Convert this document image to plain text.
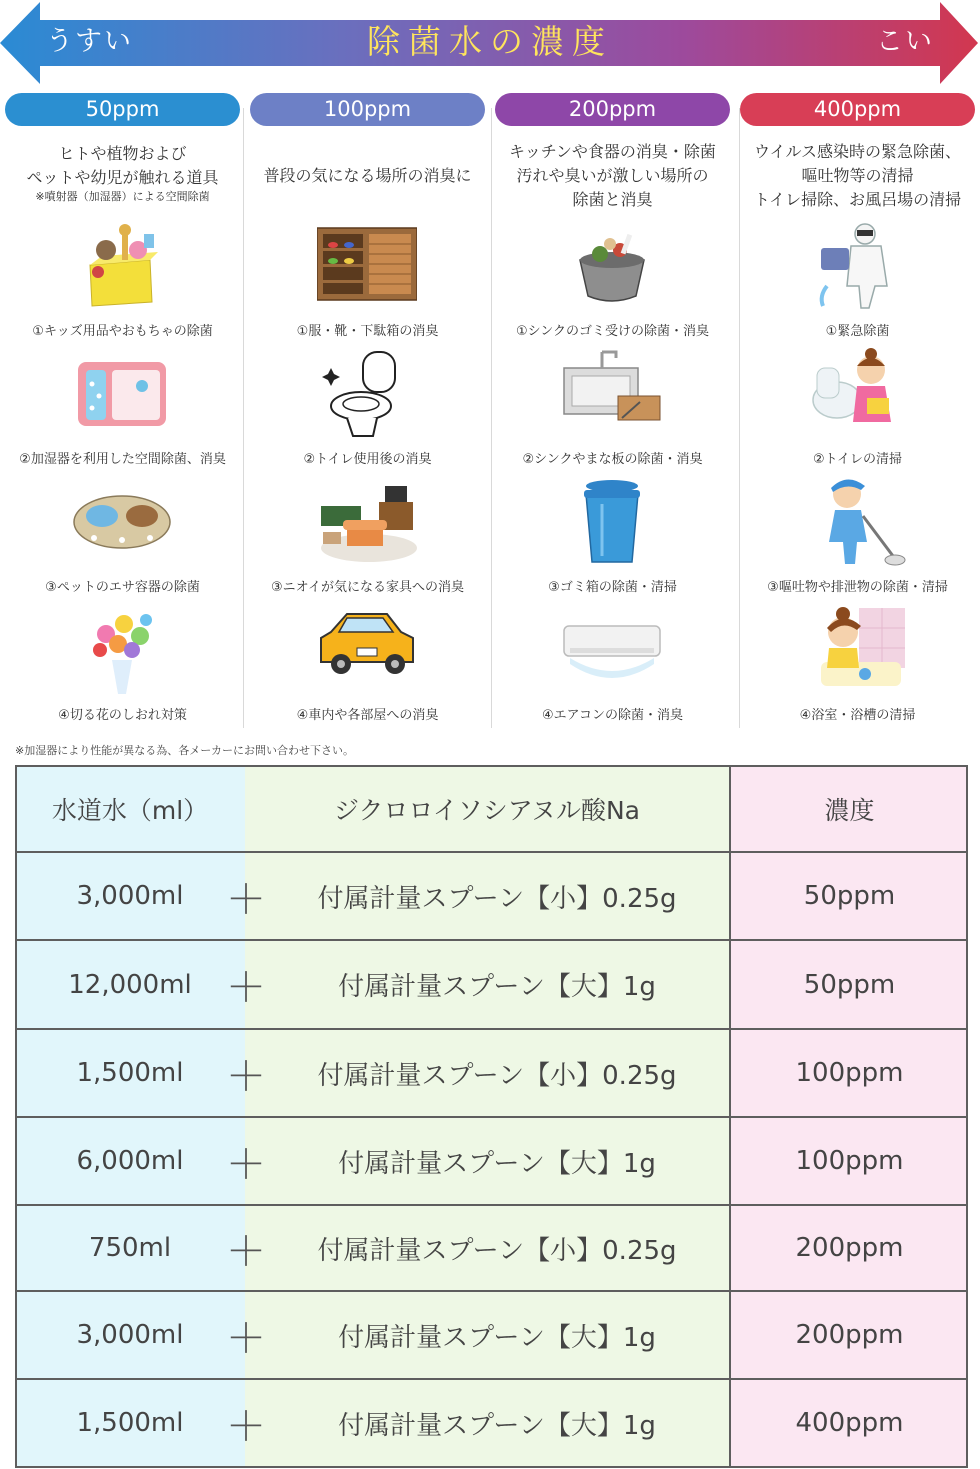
うすい	除菌水の濃度	こい
50ppm
ヒトや植物および
ペットや幼児が触れる道具
※噴射器（加湿器）による空間除菌
①キッズ用品やおもちゃの除菌
②加湿器を利用した空間除菌、消臭
③ペットのエサ容器の除菌
④切る花のしおれ対策
100ppm
普段の気になる場所の消臭に
①服・靴・下駄箱の消臭
②トイレ使用後の消臭
③ニオイが気になる家具への消臭
④車内や各部屋への消臭
200ppm
キッチンや食器の消臭・除菌
汚れや臭いが激しい場所の
除菌と消臭
①シンクのゴミ受けの除菌・消臭
②シンクやまな板の除菌・消臭
③ゴミ箱の除菌・清掃
④エアコンの除菌・消臭
400ppm
ウイルス感染時の緊急除菌、
嘔吐物等の清掃
トイレ掃除、お風呂場の清掃
①緊急除菌
②トイレの清掃
③嘔吐物や排泄物の除菌・清掃
④浴室・浴槽の清掃
※加湿器により性能が異なる為、各メーカーにお問い合わせ下さい。
水道水（ml）	ジクロロイソシアヌル酸Na	濃度
3,000ml	＋	付属計量スプーン【小】0.25g	50ppm
12,000ml ＋	付属計量スプーン【大】1g	50ppm
1,500ml	＋	付属計量スプーン【小】0.25g	100ppm
6,000ml	＋	付属計量スプーン【大】1g	100ppm
750ml	＋	付属計量スプーン【小】0.25g	200ppm
3,000ml	＋	付属計量スプーン【大】1g	200ppm
1,500ml	＋	付属計量スプーン【大】1g	400ppm
